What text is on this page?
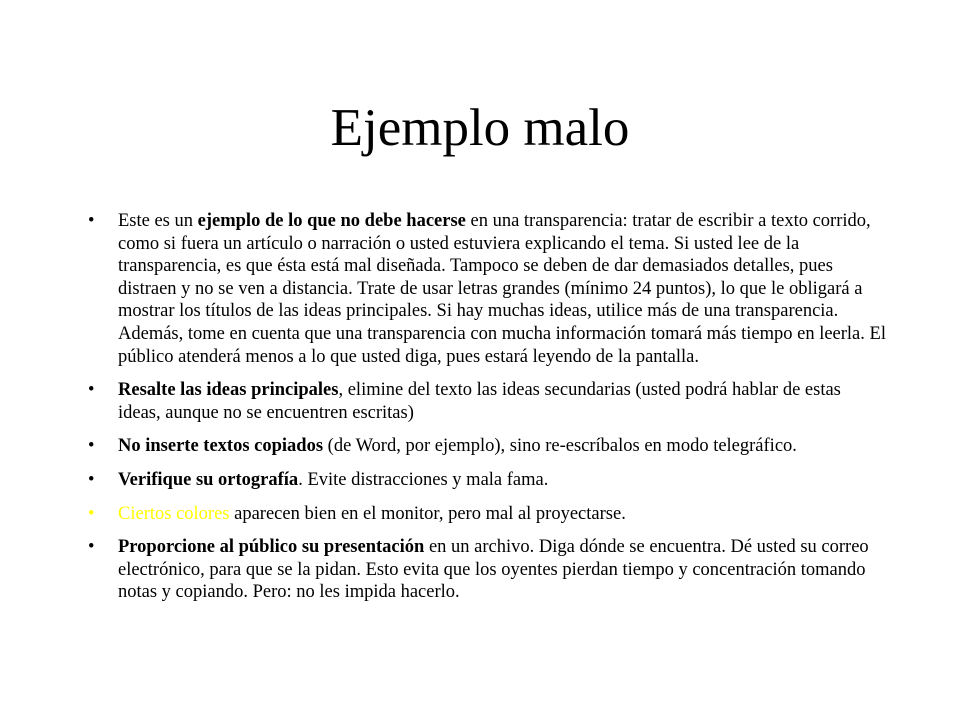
Ejemplo malo
•	Este es un ejemplo de lo que no debe hacerse en una transparencia: tratar de escribir a texto corrido, como si fuera un artículo o narración o usted estuviera explicando el tema. Si usted lee de la transparencia, es que ésta está mal diseñada. Tampoco se deben de dar demasiados detalles, pues distraen y no se ven a distancia. Trate de usar letras grandes (mínimo 24 puntos), lo que le obligará a mostrar los títulos de las ideas principales. Si hay muchas ideas, utilice más de una transparencia. Además, tome en cuenta que una transparencia con mucha información tomará más tiempo en leerla. El público atenderá menos a lo que usted diga, pues estará leyendo de la pantalla.
•	Resalte las ideas principales, elimine del texto las ideas secundarias (usted podrá hablar de estas ideas, aunque no se encuentren escritas)
•	No inserte textos copiados (de Word, por ejemplo), sino re-escríbalos en modo telegráfico.
•	Verifique su ortografía. Evite distracciones y mala fama.
•	Ciertos colores aparecen bien en el monitor, pero mal al proyectarse.
•	Proporcione al público su presentación en un archivo. Diga dónde se encuentra. Dé usted su correo electrónico, para que se la pidan. Esto evita que los oyentes pierdan tiempo y concentración tomando notas y copiando. Pero: no les impida hacerlo.
